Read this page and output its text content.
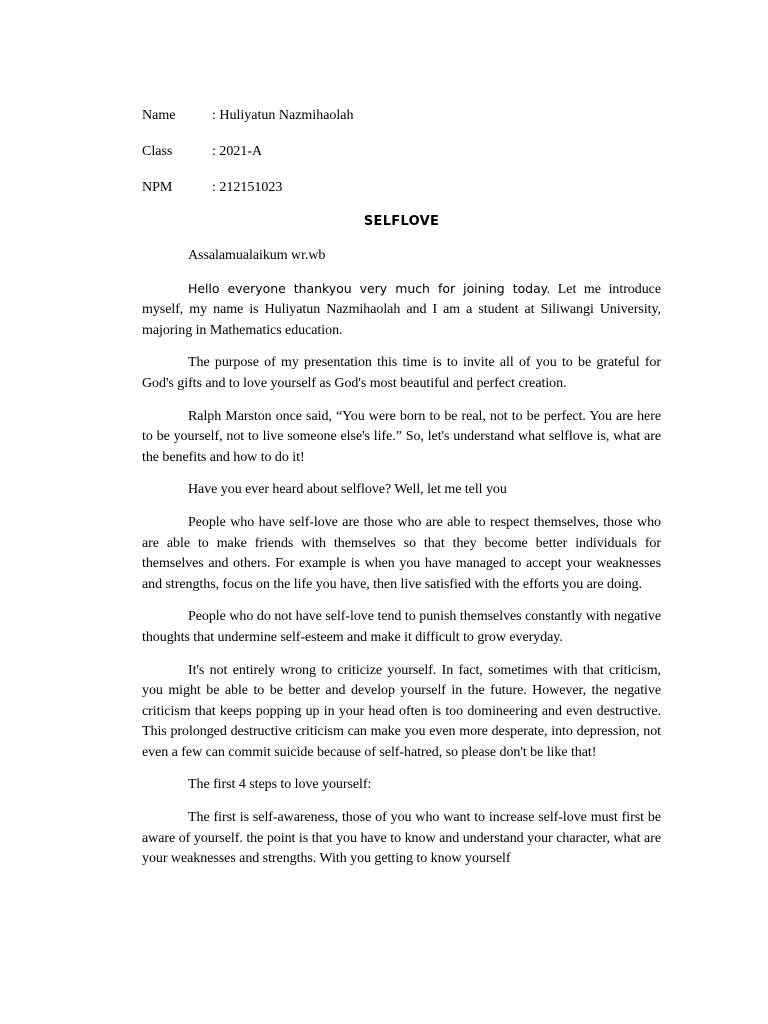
Name	: Huliyatun Nazmihaolah
Class	: 2021-A
NPM	: 212151023
SELFLOVE

Assalamualaikum wr.wb

Hello everyone thankyou very much for joining today. Let me introduce myself, my name is Huliyatun Nazmihaolah and I am a student at Siliwangi University, majoring in Mathematics education.

The purpose of my presentation this time is to invite all of you to be grateful for God's gifts and to love yourself as God's most beautiful and perfect creation.

Ralph Marston once said, “You were born to be real, not to be perfect. You are here to be yourself, not to live someone else's life.” So, let's understand what selflove is, what are the benefits and how to do it!

Have you ever heard about selflove? Well, let me tell you

People who have self-love are those who are able to respect themselves, those who are able to make friends with themselves so that they become better individuals for themselves and others. For example is when you have managed to accept your weaknesses and strengths, focus on the life you have, then live satisfied with the efforts you are doing.

People who do not have self-love tend to punish themselves constantly with negative thoughts that undermine self-esteem and make it difficult to grow everyday.

It's not entirely wrong to criticize yourself. In fact, sometimes with that criticism, you might be able to be better and develop yourself in the future. However, the negative criticism that keeps popping up in your head often is too domineering and even destructive. This prolonged destructive criticism can make you even more desperate, into depression, not even a few can commit suicide because of self-hatred, so please don't be like that!

The first 4 steps to love yourself:

The first is self-awareness, those of you who want to increase self-love must first be aware of yourself. the point is that you have to know and understand your character, what are your weaknesses and strengths. With you getting to know yourself
